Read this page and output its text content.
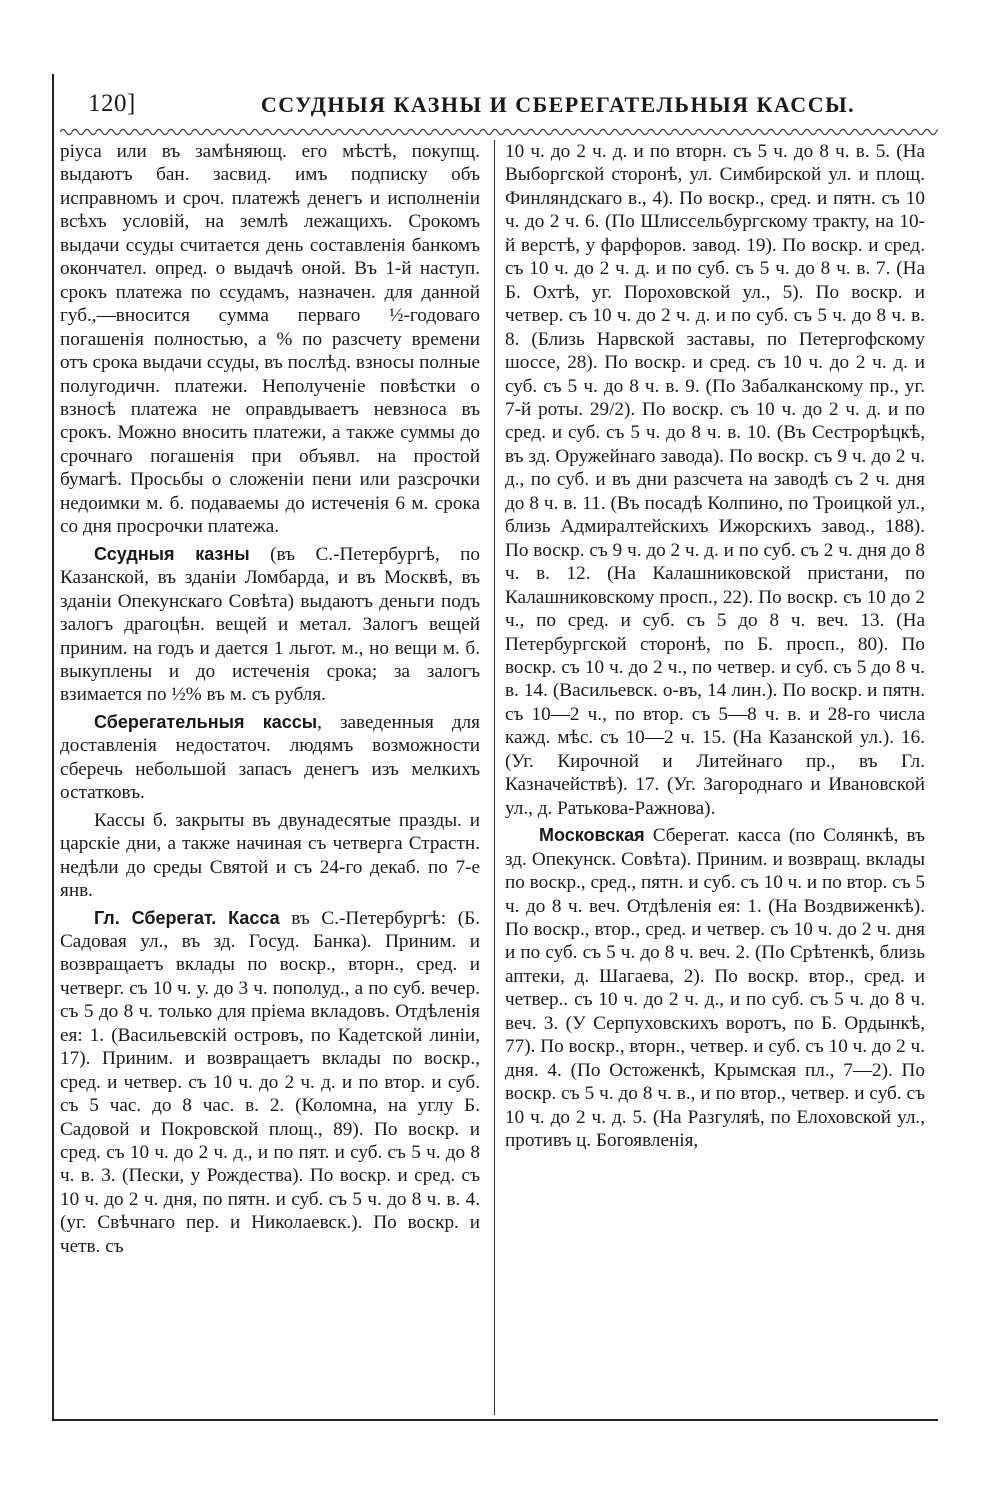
120]	ССУДНЫЯ КАЗНЫ И СБЕРЕГАТЕЛЬНЫЯ КАССЫ.

ріуса или въ замѣняющ. его мѣстѣ, покупщ. выдаютъ бан. засвид. имъ подписку объ исправномъ и сроч. платежѣ денегъ и исполненіи всѣхъ условій, на землѣ лежащихъ. Срокомъ выдачи ссуды считается день составленія банкомъ окончател. опред. о выдачѣ оной. Въ 1-й наступ. срокъ платежа по ссудамъ, назначен. для данной губ.,—вносится сумма перваго ½-годоваго погашенія полностью, а % по разсчету времени отъ срока выдачи ссуды, въ послѣд. взносы полные полугодичн. платежи. Неполученіе повѣстки о взносѣ платежа не оправдываетъ невзноса въ срокъ. Можно вносить платежи, а также суммы до срочнаго погашенія при объявл. на простой бумагѣ. Просьбы о сложеніи пени или разсрочки недоимки м. б. подаваемы до истеченія 6 м. срока со дня просрочки платежа.

Ссудныя казны (въ С.-Петербургѣ, по Казанской, въ зданіи Ломбарда, и въ Москвѣ, въ зданіи Опекунскаго Совѣта) выдаютъ деньги подъ залогъ драгоцѣн. вещей и метал. Залогъ вещей приним. на годъ и дается 1 льгот. м., но вещи м. б. выкуплены и до истеченія срока; за залогъ взимается по ½% въ м. съ рубля.

Сберегательныя кассы, заведенныя для доставленія недостаточ. людямъ возможности сберечь небольшой запасъ денегъ изъ мелкихъ остатковъ.

Кассы б. закрыты въ двунадесятые празды. и царскіе дни, а также начиная съ четверга Страстн. недѣли до среды Святой и съ 24-го декаб. по 7-е янв.

Гл. Сберегат. Касса въ С.-Петербургѣ: (Б. Садовая ул., въ зд. Госуд. Банка). Приним. и возвращаетъ вклады по воскр., вторн., сред. и четверг. съ 10 ч. у. до 3 ч. пополуд., а по суб. вечер. съ 5 до 8 ч. только для пріема вкладовъ. Отдѣленія ея: 1. (Васильевскій островъ, по Кадетской линіи, 17). Приним. и возвращаетъ вклады по воскр., сред. и четвер. съ 10 ч. до 2 ч. д. и по втор. и суб. съ 5 час. до 8 час. в. 2. (Коломна, на углу Б. Садовой и Покровской площ., 89). По воскр. и сред. съ 10 ч. до 2 ч. д., и по пят. и суб. съ 5 ч. до 8 ч. в. 3. (Пески, у Рождества). По воскр. и сред. съ 10 ч. до 2 ч. дня, по пятн. и суб. съ 5 ч. до 8 ч. в. 4. (уг. Свѣчнаго пер. и Николаевск.). По воскр. и четв. съ

10 ч. до 2 ч. д. и по вторн. съ 5 ч. до 8 ч. в. 5. (На Выборгской сторонѣ, ул. Симбирской ул. и площ. Финляндскаго в., 4). По воскр., сред. и пятн. съ 10 ч. до 2 ч. 6. (По Шлиссельбургскому тракту, на 10-й верстѣ, у фарфоров. завод. 19). По воскр. и сред. съ 10 ч. до 2 ч. д. и по суб. съ 5 ч. до 8 ч. в. 7. (На Б. Охтѣ, уг. Пороховской ул., 5). По воскр. и четвер. съ 10 ч. до 2 ч. д. и по суб. съ 5 ч. до 8 ч. в. 8. (Близь Нарвской заставы, по Петергофскому шоссе, 28). По воскр. и сред. съ 10 ч. до 2 ч. д. и суб. съ 5 ч. до 8 ч. в. 9. (По Забалканскому пр., уг. 7-й роты. 29/2). По воскр. съ 10 ч. до 2 ч. д. и по сред. и суб. съ 5 ч. до 8 ч. в. 10. (Въ Сестрорѣцкѣ, въ зд. Оружейнаго завода). По воскр. съ 9 ч. до 2 ч. д., по суб. и въ дни разсчета на заводѣ съ 2 ч. дня до 8 ч. в. 11. (Въ посадѣ Колпино, по Троицкой ул., близь Адмиралтейскихъ Ижорскихъ завод., 188). По воскр. съ 9 ч. до 2 ч. д. и по суб. съ 2 ч. дня до 8 ч. в. 12. (На Калашниковской пристани, по Калашниковскому просп., 22). По воскр. съ 10 до 2 ч., по сред. и суб. съ 5 до 8 ч. веч. 13. (На Петербургской сторонѣ, по Б. просп., 80). По воскр. съ 10 ч. до 2 ч., по четвер. и суб. съ 5 до 8 ч. в. 14. (Васильевск. о-въ, 14 лин.). По воскр. и пятн. съ 10—2 ч., по втор. съ 5—8 ч. в. и 28-го числа кажд. мѣс. съ 10—2 ч. 15. (На Казанской ул.). 16. (Уг. Кирочной и Литейнаго пр., въ Гл. Казначействѣ). 17. (Уг. Загороднаго и Ивановской ул., д. Ратькова-Ражнова).

Московская Сберегат. касса (по Солянкѣ, въ зд. Опекунск. Совѣта). Приним. и возвращ. вклады по воскр., сред., пятн. и суб. съ 10 ч. и по втор. съ 5 ч. до 8 ч. веч. Отдѣленія ея: 1. (На Воздвиженкѣ). По воскр., втор., сред. и четвер. съ 10 ч. до 2 ч. дня и по суб. съ 5 ч. до 8 ч. веч. 2. (По Срѣтенкѣ, близь аптеки, д. Шагаева, 2). По воскр. втор., сред. и четвер.. съ 10 ч. до 2 ч. д., и по суб. съ 5 ч. до 8 ч. веч. 3. (У Серпуховскихъ воротъ, по Б. Ордынкѣ, 77). По воскр., вторн., четвер. и суб. съ 10 ч. до 2 ч. дня. 4. (По Остоженкѣ, Крымская пл., 7—2). По воскр. съ 5 ч. до 8 ч. в., и по втор., четвер. и суб. съ 10 ч. до 2 ч. д. 5. (На Разгуляѣ, по Елоховской ул., противъ ц. Богоявленія,
